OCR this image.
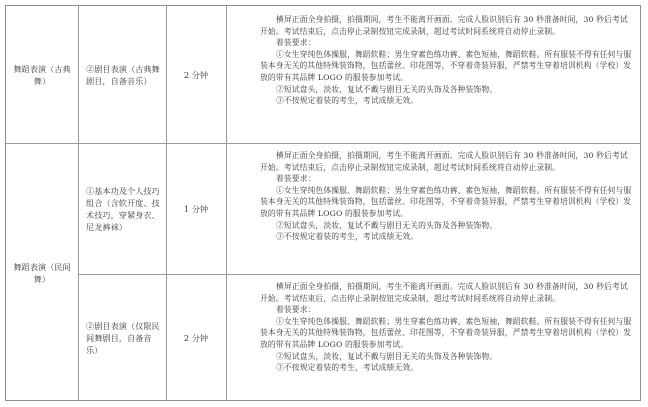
舞蹈表演（古典舞）
②剧目表演（古典舞剧目，自备音乐）
2 分钟

横屏正面全身拍摄，拍摄期间，考生不能离开画面。完成人脸识别后有 30 秒准备时间，30 秒后考试开始。考试结束后，点击停止录制按钮完成录制，超过考试时间系统将自动停止录制。

着装要求：

①女生穿纯色体操服，舞蹈软鞋；男生穿素色练功裤、素色短袖，舞蹈软鞋。所有服装不得有任何与服装本身无关的其他特殊装饰物，包括蕾丝、印花图等，不穿着奇装异服，严禁考生穿着培训机构（学校）发放的带有其品牌 LOGO 的服装参加考试。

②短试盘头，淡妆，复试不戴与剧目无关的头饰及各种装饰物。

③不按规定着装的考生，考试成绩无效。

舞蹈表演（民间舞）
①基本功及个人技巧组合（含软开度、技术技巧，穿紧身衣、尼龙裤袜）
1 分钟

横屏正面全身拍摄，拍摄期间，考生不能离开画面。完成人脸识别后有 30 秒准备时间，30 秒后考试开始。考试结束后，点击停止录制按钮完成录制，超过考试时间系统将自动停止录制。

着装要求：

①女生穿纯色体操服、舞蹈软鞋；男生穿素色练功裤、素色短袖，舞蹈软鞋。所有服装不得有任何与服装本身无关的其他特殊装饰物，包括蕾丝、印花图等，不穿着奇装异服，严禁考生穿着培训机构（学校）发放的带有其品牌 LOGO 的服装参加考试。

②短试盘头，淡妆，复试不戴与剧目无关的头饰及各种装饰物。

③不按规定着装的考生，考试成绩无效。

②剧目表演（仅限民间舞剧目，自备音乐）
2 分钟

横屏正面全身拍摄，拍摄期间，考生不能离开画面。完成人脸识别后有 30 秒准备时间，30 秒后考试开始。考试结束后，点击停止录制按钮完成录制，超过考试时间系统将自动停止录制。

着装要求：

①女生穿纯色体操服、舞蹈软鞋；男生穿素色练功裤、素色短袖，舞蹈软鞋。所有服装不得有任何与服装本身无关的其他特殊装饰物，包括蕾丝、印花图等，不穿着奇装异服，严禁考生穿着培训机构（学校）发放的带有其品牌 LOGO 的服装参加考试。

②短试盘头，淡妆，复试不戴与剧目无关的头饰及各种装饰物。

③不按规定着装的考生，考试成绩无效。
